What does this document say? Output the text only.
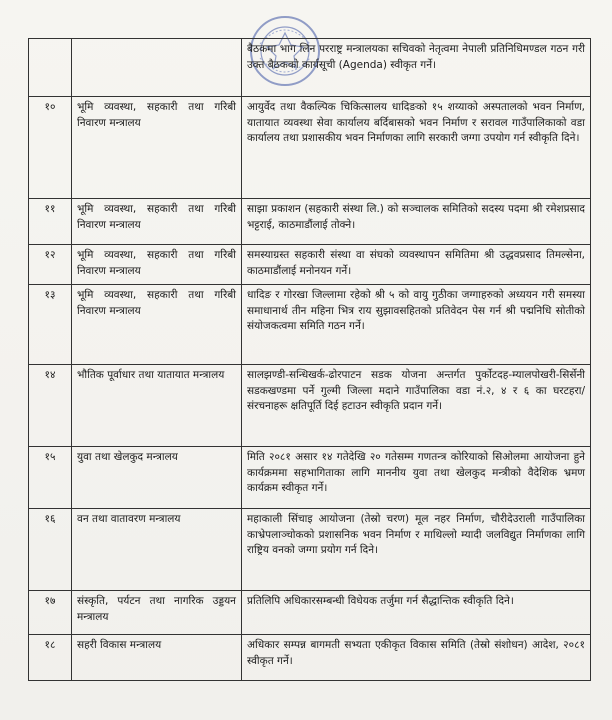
		बैठकमा भाग लिन परराष्ट्र मन्त्रालयका सचिवको नेतृत्वमा नेपाली प्रतिनिधिमण्डल गठन गरी उक्त बैठकको कार्यसूची (Agenda) स्वीकृत गर्ने।
१०	भूमि व्यवस्था, सहकारी तथा गरिबी निवारण मन्त्रालय	आयुर्वेद तथा वैकल्पिक चिकित्सालय धादिङको १५ शय्याको अस्पतालको भवन निर्माण, यातायात व्यवस्था सेवा कार्यालय बर्दिबासको भवन निर्माण र सरावल गाउँपालिकाको वडा कार्यालय तथा प्रशासकीय भवन निर्माणका लागि सरकारी जग्गा उपयोग गर्न स्वीकृति दिने।
११	भूमि व्यवस्था, सहकारी तथा गरिबी निवारण मन्त्रालय	साझा प्रकाशन (सहकारी संस्था लि.) को सञ्चालक समितिको सदस्य पदमा श्री रमेशप्रसाद भट्टराई, काठमाडौंलाई तोक्ने।
१२	भूमि व्यवस्था, सहकारी तथा गरिबी निवारण मन्त्रालय	समस्याग्रस्त सहकारी संस्था वा संघको व्यवस्थापन समितिमा श्री उद्धवप्रसाद तिमल्सेना, काठमाडौंलाई मनोनयन गर्ने।
१३	भूमि व्यवस्था, सहकारी तथा गरिबी निवारण मन्त्रालय	धादिङ र गोरखा जिल्लामा रहेको श्री ५ को वायु गुठीका जग्गाहरुको अध्ययन गरी समस्या समाधानार्थ तीन महिना भित्र राय सुझावसहितको प्रतिवेदन पेस गर्न श्री पद्मनिधि सोतीको संयोजकत्वमा समिति गठन गर्ने।
१४	भौतिक पूर्वाधार तथा यातायात मन्त्रालय	सालझण्डी-सन्धिखर्क-ढोरपाटन सडक योजना अन्तर्गत पुर्कोटदह-म्यालपोखरी-सिर्सेनी सडकखण्डमा पर्ने गुल्मी जिल्ला मदाने गाउँपालिका वडा नं.२, ४ र ६ का घरटहरा/संरचनाहरू क्षतिपूर्ति दिई हटाउन स्वीकृति प्रदान गर्ने।
१५	युवा तथा खेलकुद मन्त्रालय	मिति २०८१ असार १४ गतेदेखि २० गतेसम्म गणतन्त्र कोरियाको सिओलमा आयोजना हुने कार्यक्रममा सहभागिताका लागि माननीय युवा तथा खेलकुद मन्त्रीको वैदेशिक भ्रमण कार्यक्रम स्वीकृत गर्ने।
१६	वन तथा वातावरण मन्त्रालय	महाकाली सिंचाइ आयोजना (तेस्रो चरण) मूल नहर निर्माण, चौरीदेउराली गाउँपालिका काभ्रेपलाञ्चोकको प्रशासनिक भवन निर्माण र माथिल्लो म्यादी जलविद्युत निर्माणका लागि राष्ट्रिय वनको जग्गा प्रयोग गर्न दिने।
१७	संस्कृति, पर्यटन तथा नागरिक उड्डयन मन्त्रालय	प्रतिलिपि अधिकारसम्बन्धी विधेयक तर्जुमा गर्न सैद्धान्तिक स्वीकृति दिने।
१८	सहरी विकास मन्त्रालय	अधिकार सम्पन्न बागमती सभ्यता एकीकृत विकास समिति (तेस्रो संशोधन) आदेश, २०८१ स्वीकृत गर्ने।
